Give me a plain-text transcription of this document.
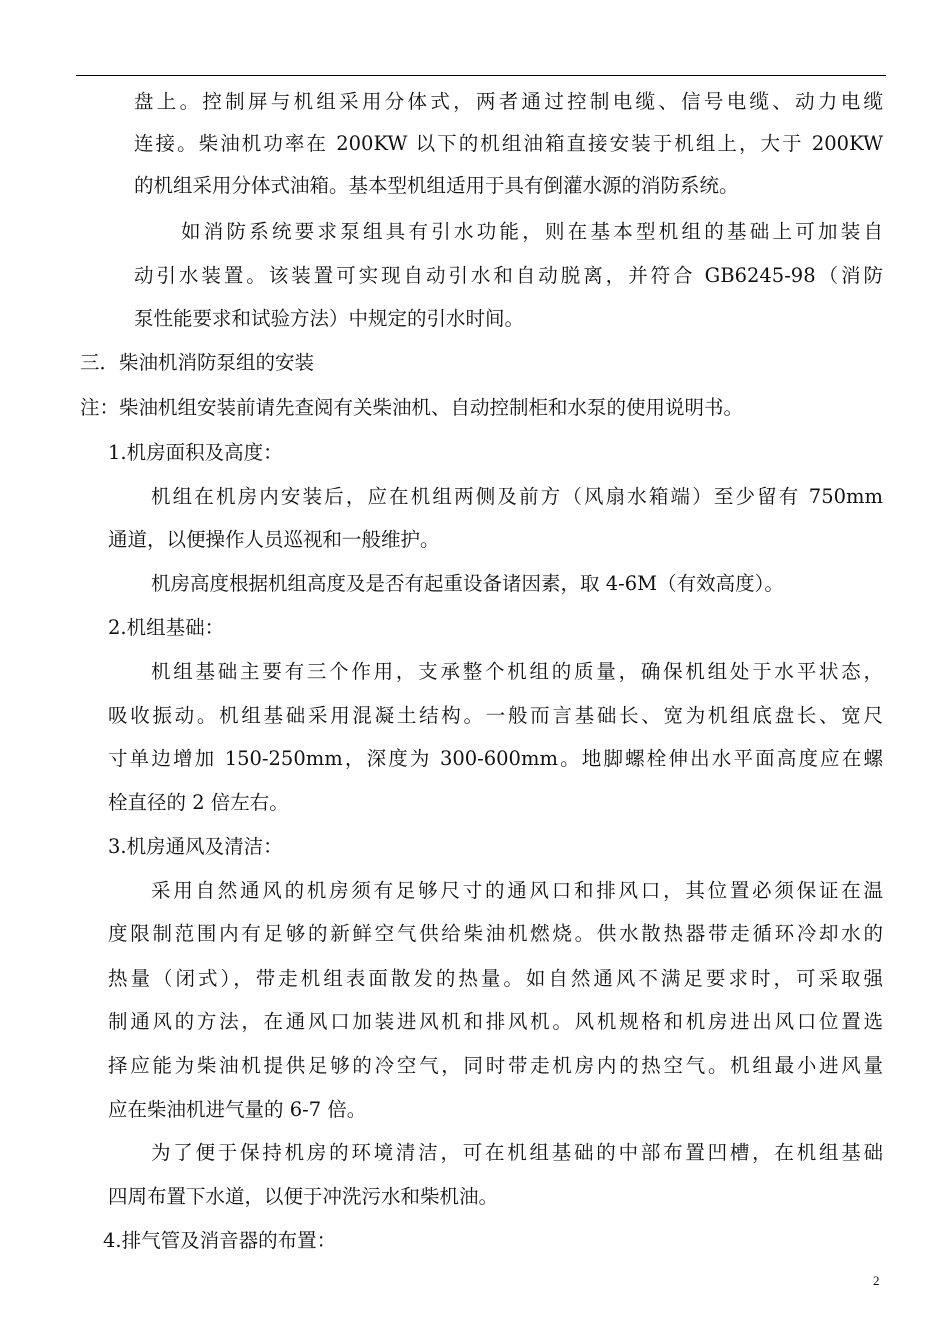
盘上。控制屏与机组采用分体式，两者通过控制电缆、信号电缆、动力电缆
连接。柴油机功率在 200KW 以下的机组油箱直接安装于机组上，大于 200KW
的机组采用分体式油箱。基本型机组适用于具有倒灌水源的消防系统。
如消防系统要求泵组具有引水功能，则在基本型机组的基础上可加装自
动引水装置。该装置可实现自动引水和自动脱离，并符合 GB6245-98（消防
泵性能要求和试验方法）中规定的引水时间。
三．柴油机消防泵组的安装
注：柴油机组安装前请先查阅有关柴油机、自动控制柜和水泵的使用说明书。
1.机房面积及高度：
机组在机房内安装后，应在机组两侧及前方（风扇水箱端）至少留有 750mm
通道，以便操作人员巡视和一般维护。
机房高度根据机组高度及是否有起重设备诸因素，取 4-6M（有效高度）。
2.机组基础：
机组基础主要有三个作用，支承整个机组的质量，确保机组处于水平状态，
吸收振动。机组基础采用混凝土结构。一般而言基础长、宽为机组底盘长、宽尺
寸单边增加 150-250mm，深度为 300-600mm。地脚螺栓伸出水平面高度应在螺
栓直径的 2 倍左右。
3.机房通风及清洁：
采用自然通风的机房须有足够尺寸的通风口和排风口，其位置必须保证在温
度限制范围内有足够的新鲜空气供给柴油机燃烧。供水散热器带走循环冷却水的
热量（闭式），带走机组表面散发的热量。如自然通风不满足要求时，可采取强
制通风的方法，在通风口加装进风机和排风机。风机规格和机房进出风口位置选
择应能为柴油机提供足够的冷空气，同时带走机房内的热空气。机组最小进风量
应在柴油机进气量的 6-7 倍。
为了便于保持机房的环境清洁，可在机组基础的中部布置凹槽，在机组基础
四周布置下水道，以便于冲洗污水和柴机油。
4.排气管及消音器的布置：
2
